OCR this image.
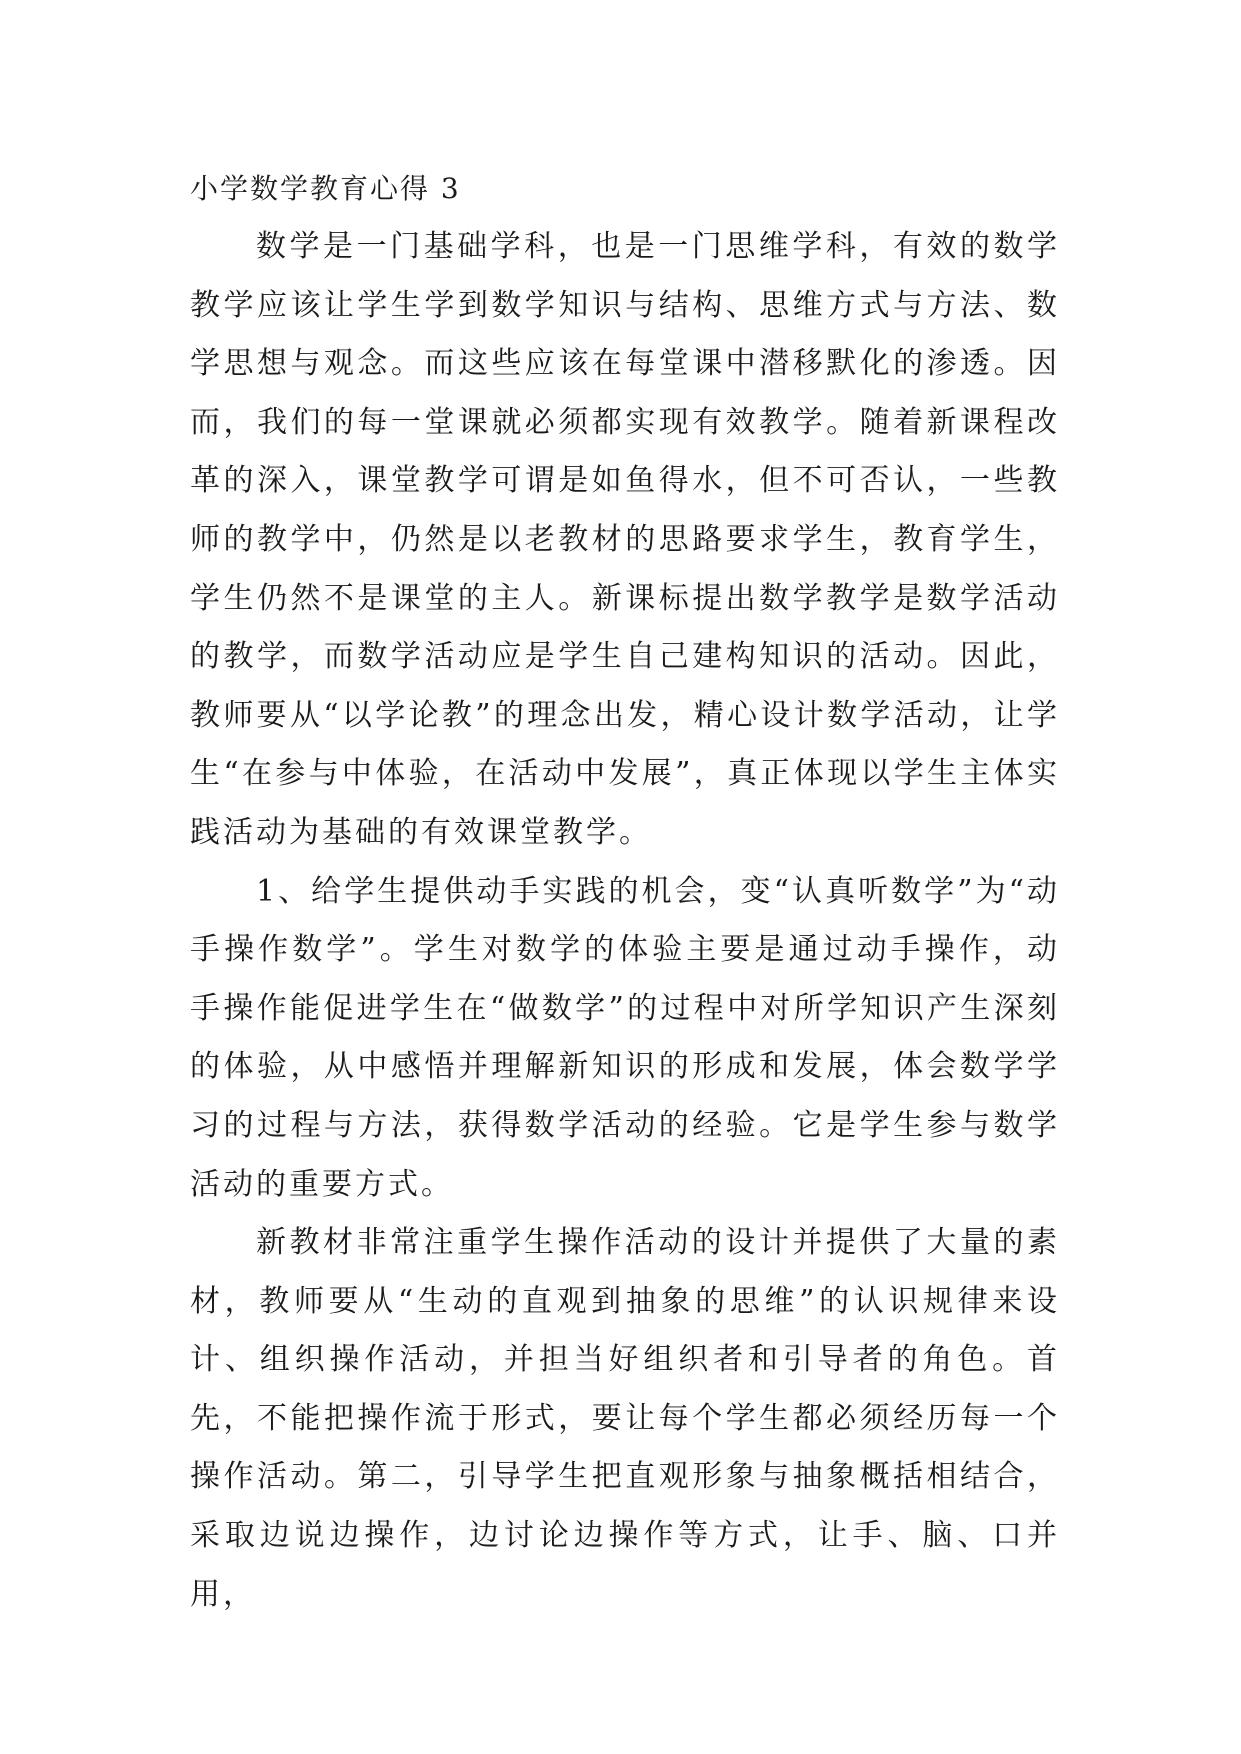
小学数学教育心得 3

数学是一门基础学科，也是一门思维学科，有效的数学教学应该让学生学到数学知识与结构、思维方式与方法、数学思想与观念。而这些应该在每堂课中潜移默化的渗透。因而，我们的每一堂课就必须都实现有效教学。随着新课程改革的深入，课堂教学可谓是如鱼得水，但不可否认，一些教师的教学中，仍然是以老教材的思路要求学生，教育学生，学生仍然不是课堂的主人。新课标提出数学教学是数学活动的教学，而数学活动应是学生自己建构知识的活动。因此，教师要从“以学论教”的理念出发，精心设计数学活动，让学生“在参与中体验，在活动中发展”，真正体现以学生主体实践活动为基础的有效课堂教学。

1、给学生提供动手实践的机会，变“认真听数学”为“动手操作数学”。学生对数学的体验主要是通过动手操作，动手操作能促进学生在“做数学”的过程中对所学知识产生深刻的体验，从中感悟并理解新知识的形成和发展，体会数学学习的过程与方法，获得数学活动的经验。它是学生参与数学活动的重要方式。

新教材非常注重学生操作活动的设计并提供了大量的素材，教师要从“生动的直观到抽象的思维”的认识规律来设计、组织操作活动，并担当好组织者和引导者的角色。首先，不能把操作流于形式，要让每个学生都必须经历每一个操作活动。第二，引导学生把直观形象与抽象概括相结合，采取边说边操作，边讨论边操作等方式，让手、脑、口并用，
